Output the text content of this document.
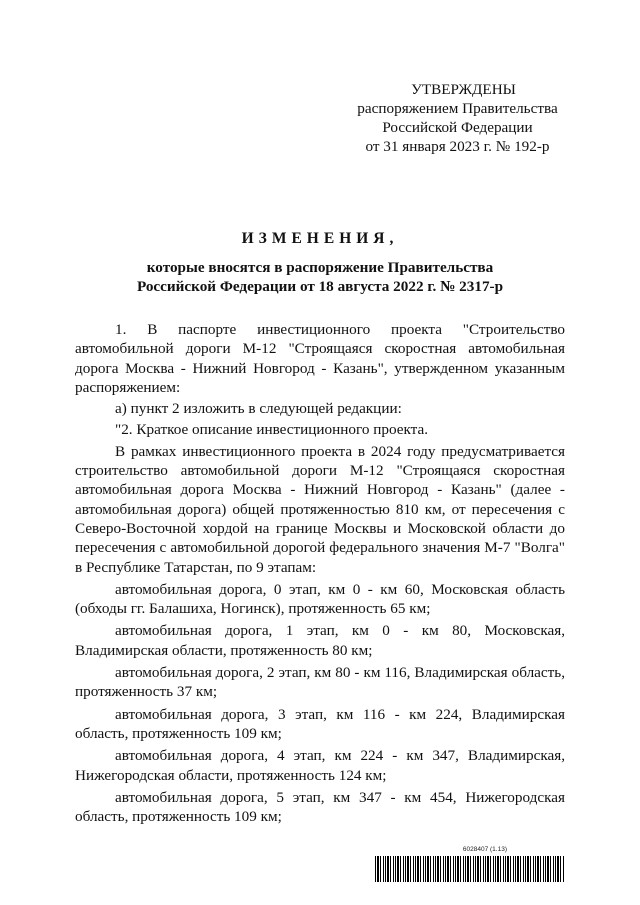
УТВЕРЖДЕНЫ
распоряжением Правительства
Российской Федерации
от 31 января 2023 г. № 192-р
ИЗМЕНЕНИЯ,
которые вносятся в распоряжение Правительства
Российской Федерации от 18 августа 2022 г. № 2317-р

1. В паспорте инвестиционного проекта "Строительство автомобильной дороги М-12 "Строящаяся скоростная автомобильная дорога Москва - Нижний Новгород - Казань", утвержденном указанным распоряжением:

а) пункт 2 изложить в следующей редакции:

"2. Краткое описание инвестиционного проекта.

В рамках инвестиционного проекта в 2024 году предусматривается строительство автомобильной дороги М-12 "Строящаяся скоростная автомобильная дорога Москва - Нижний Новгород - Казань" (далее - автомобильная дорога) общей протяженностью 810 км, от пересечения с Северо-Восточной хордой на границе Москвы и Московской области до пересечения с автомобильной дорогой федерального значения М-7 "Волга" в Республике Татарстан, по 9 этапам:

автомобильная дорога, 0 этап, км 0 - км 60, Московская область (обходы гг. Балашиха, Ногинск), протяженность 65 км;

автомобильная дорога, 1 этап, км 0 - км 80, Московская, Владимирская области, протяженность 80 км;

автомобильная дорога, 2 этап, км 80 - км 116, Владимирская область, протяженность 37 км;

автомобильная дорога, 3 этап, км 116 - км 224, Владимирская область, протяженность 109 км;

автомобильная дорога, 4 этап, км 224 - км 347, Владимирская, Нижегородская области, протяженность 124 км;

автомобильная дорога, 5 этап, км 347 - км 454, Нижегородская область, протяженность 109 км;

6028407 (1.13)
